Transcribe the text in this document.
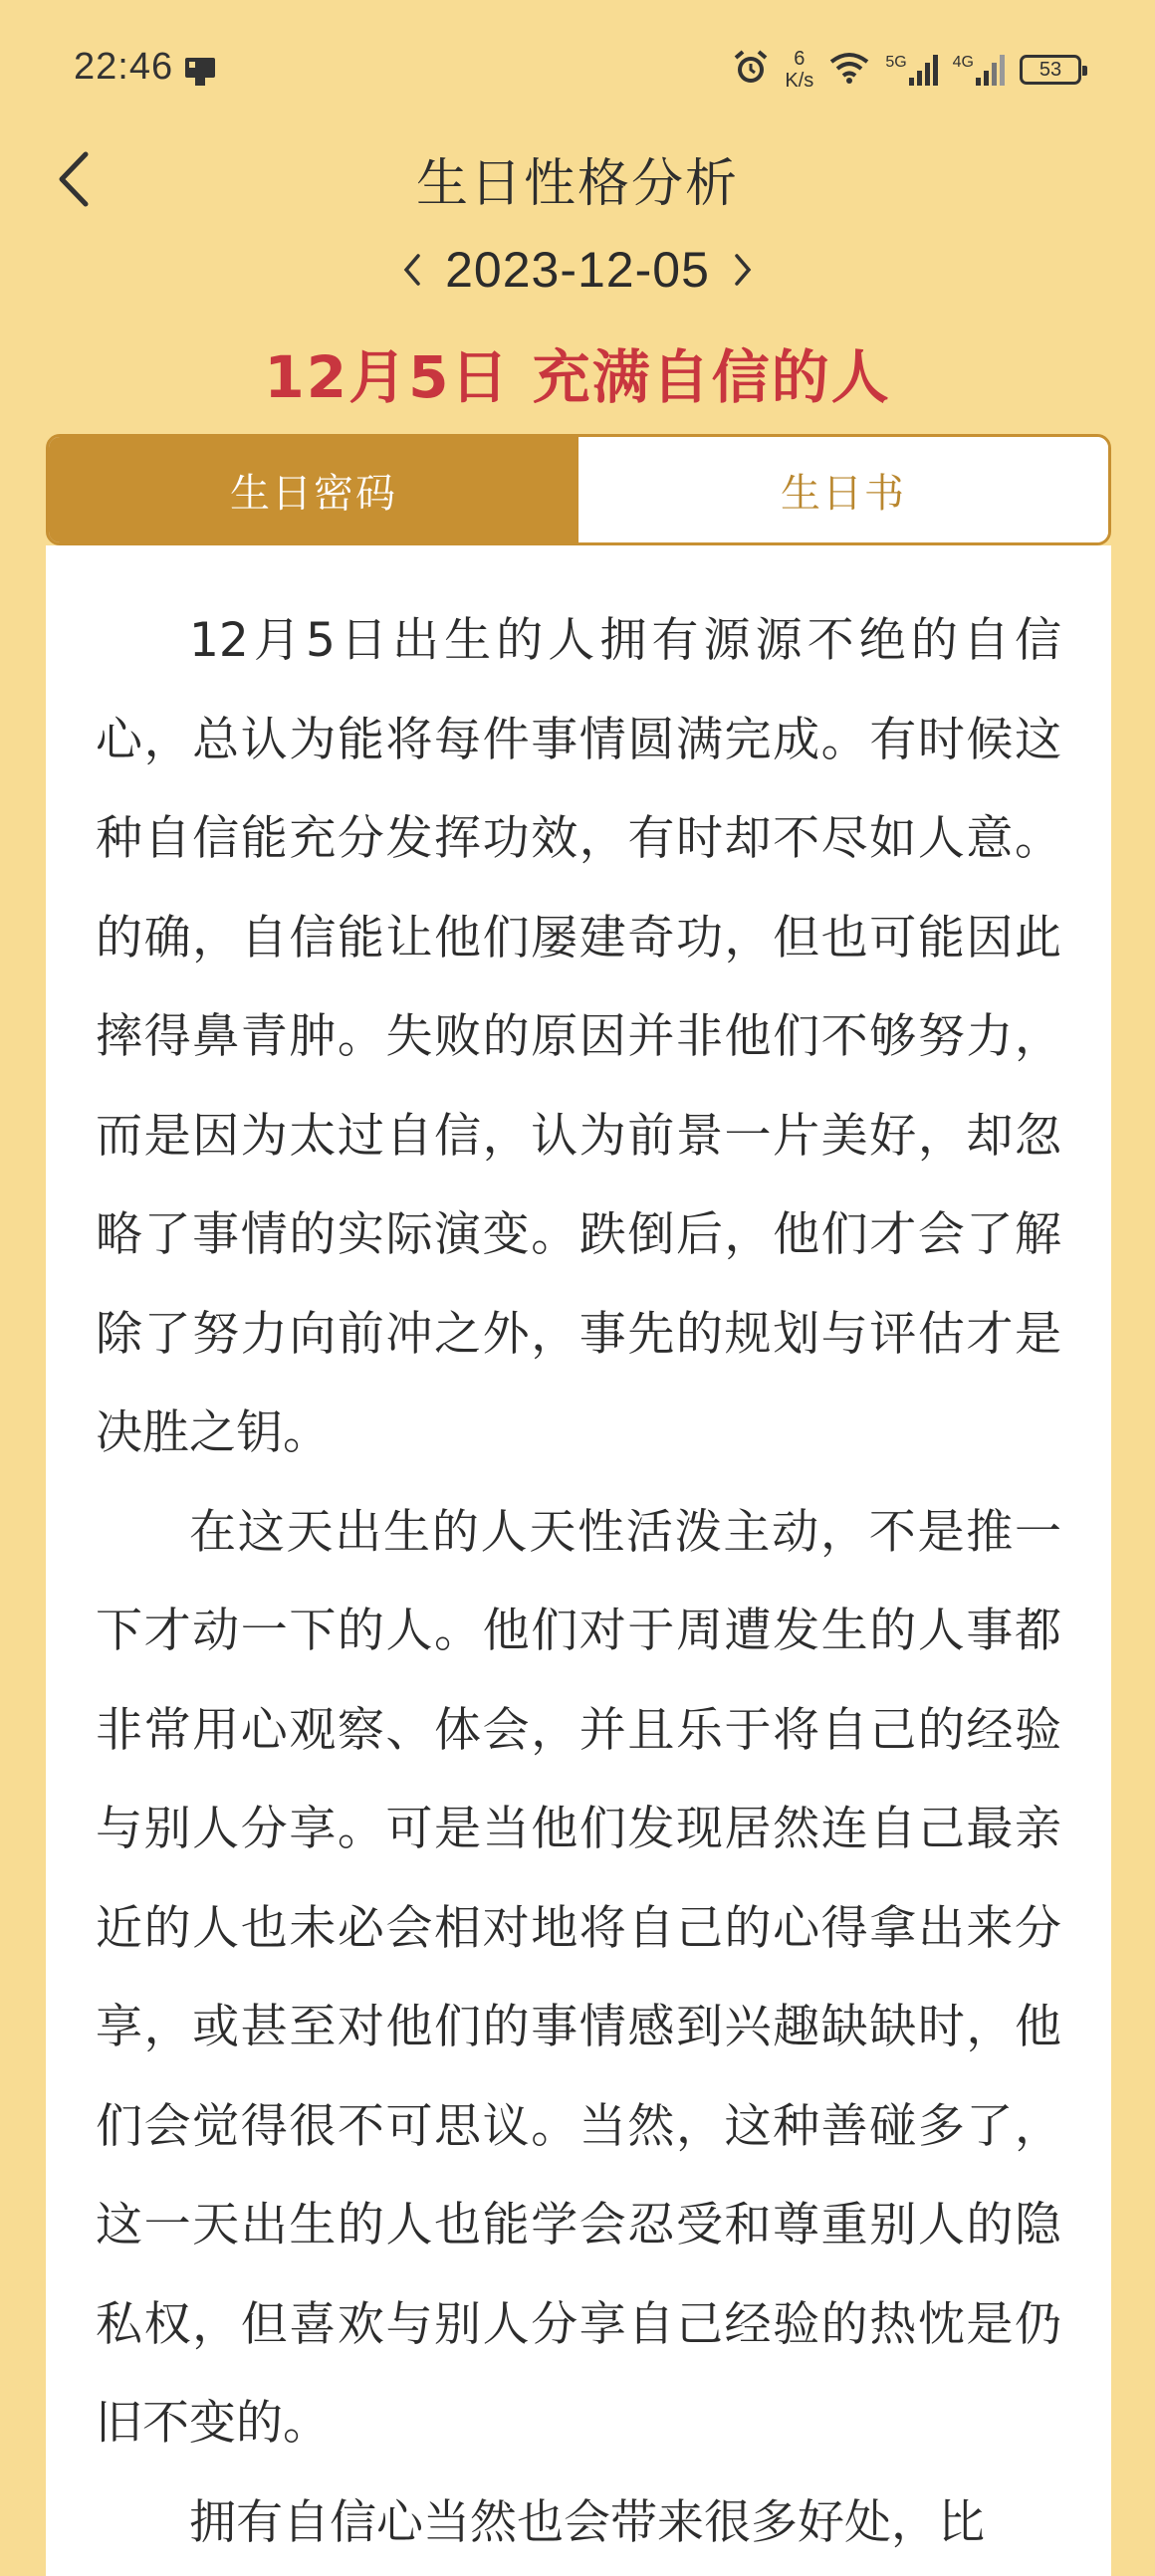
22:46	6
K/s
5G	4G	53
生日性格分析
2023-12-05
12月5日 充满自信的人
生日密码	生日书

12月5日出生的人拥有源源不绝的自信心，总认为能将每件事情圆满完成。有时候这种自信能充分发挥功效，有时却不尽如人意。的确，自信能让他们屡建奇功，但也可能因此摔得鼻青肿。失败的原因并非他们不够努力，而是因为太过自信，认为前景一片美好，却忽略了事情的实际演变。跌倒后，他们才会了解除了努力向前冲之外，事先的规划与评估才是决胜之钥。

在这天出生的人天性活泼主动，不是推一下才动一下的人。他们对于周遭发生的人事都非常用心观察、体会，并且乐于将自己的经验与别人分享。可是当他们发现居然连自己最亲近的人也未必会相对地将自己的心得拿出来分享，或甚至对他们的事情感到兴趣缺缺时，他们会觉得很不可思议。当然，这种善碰多了，这一天出生的人也能学会忍受和尊重别人的隐私权，但喜欢与别人分享自己经验的热忱是仍旧不变的。

拥有自信心当然也会带来很多好处，比
